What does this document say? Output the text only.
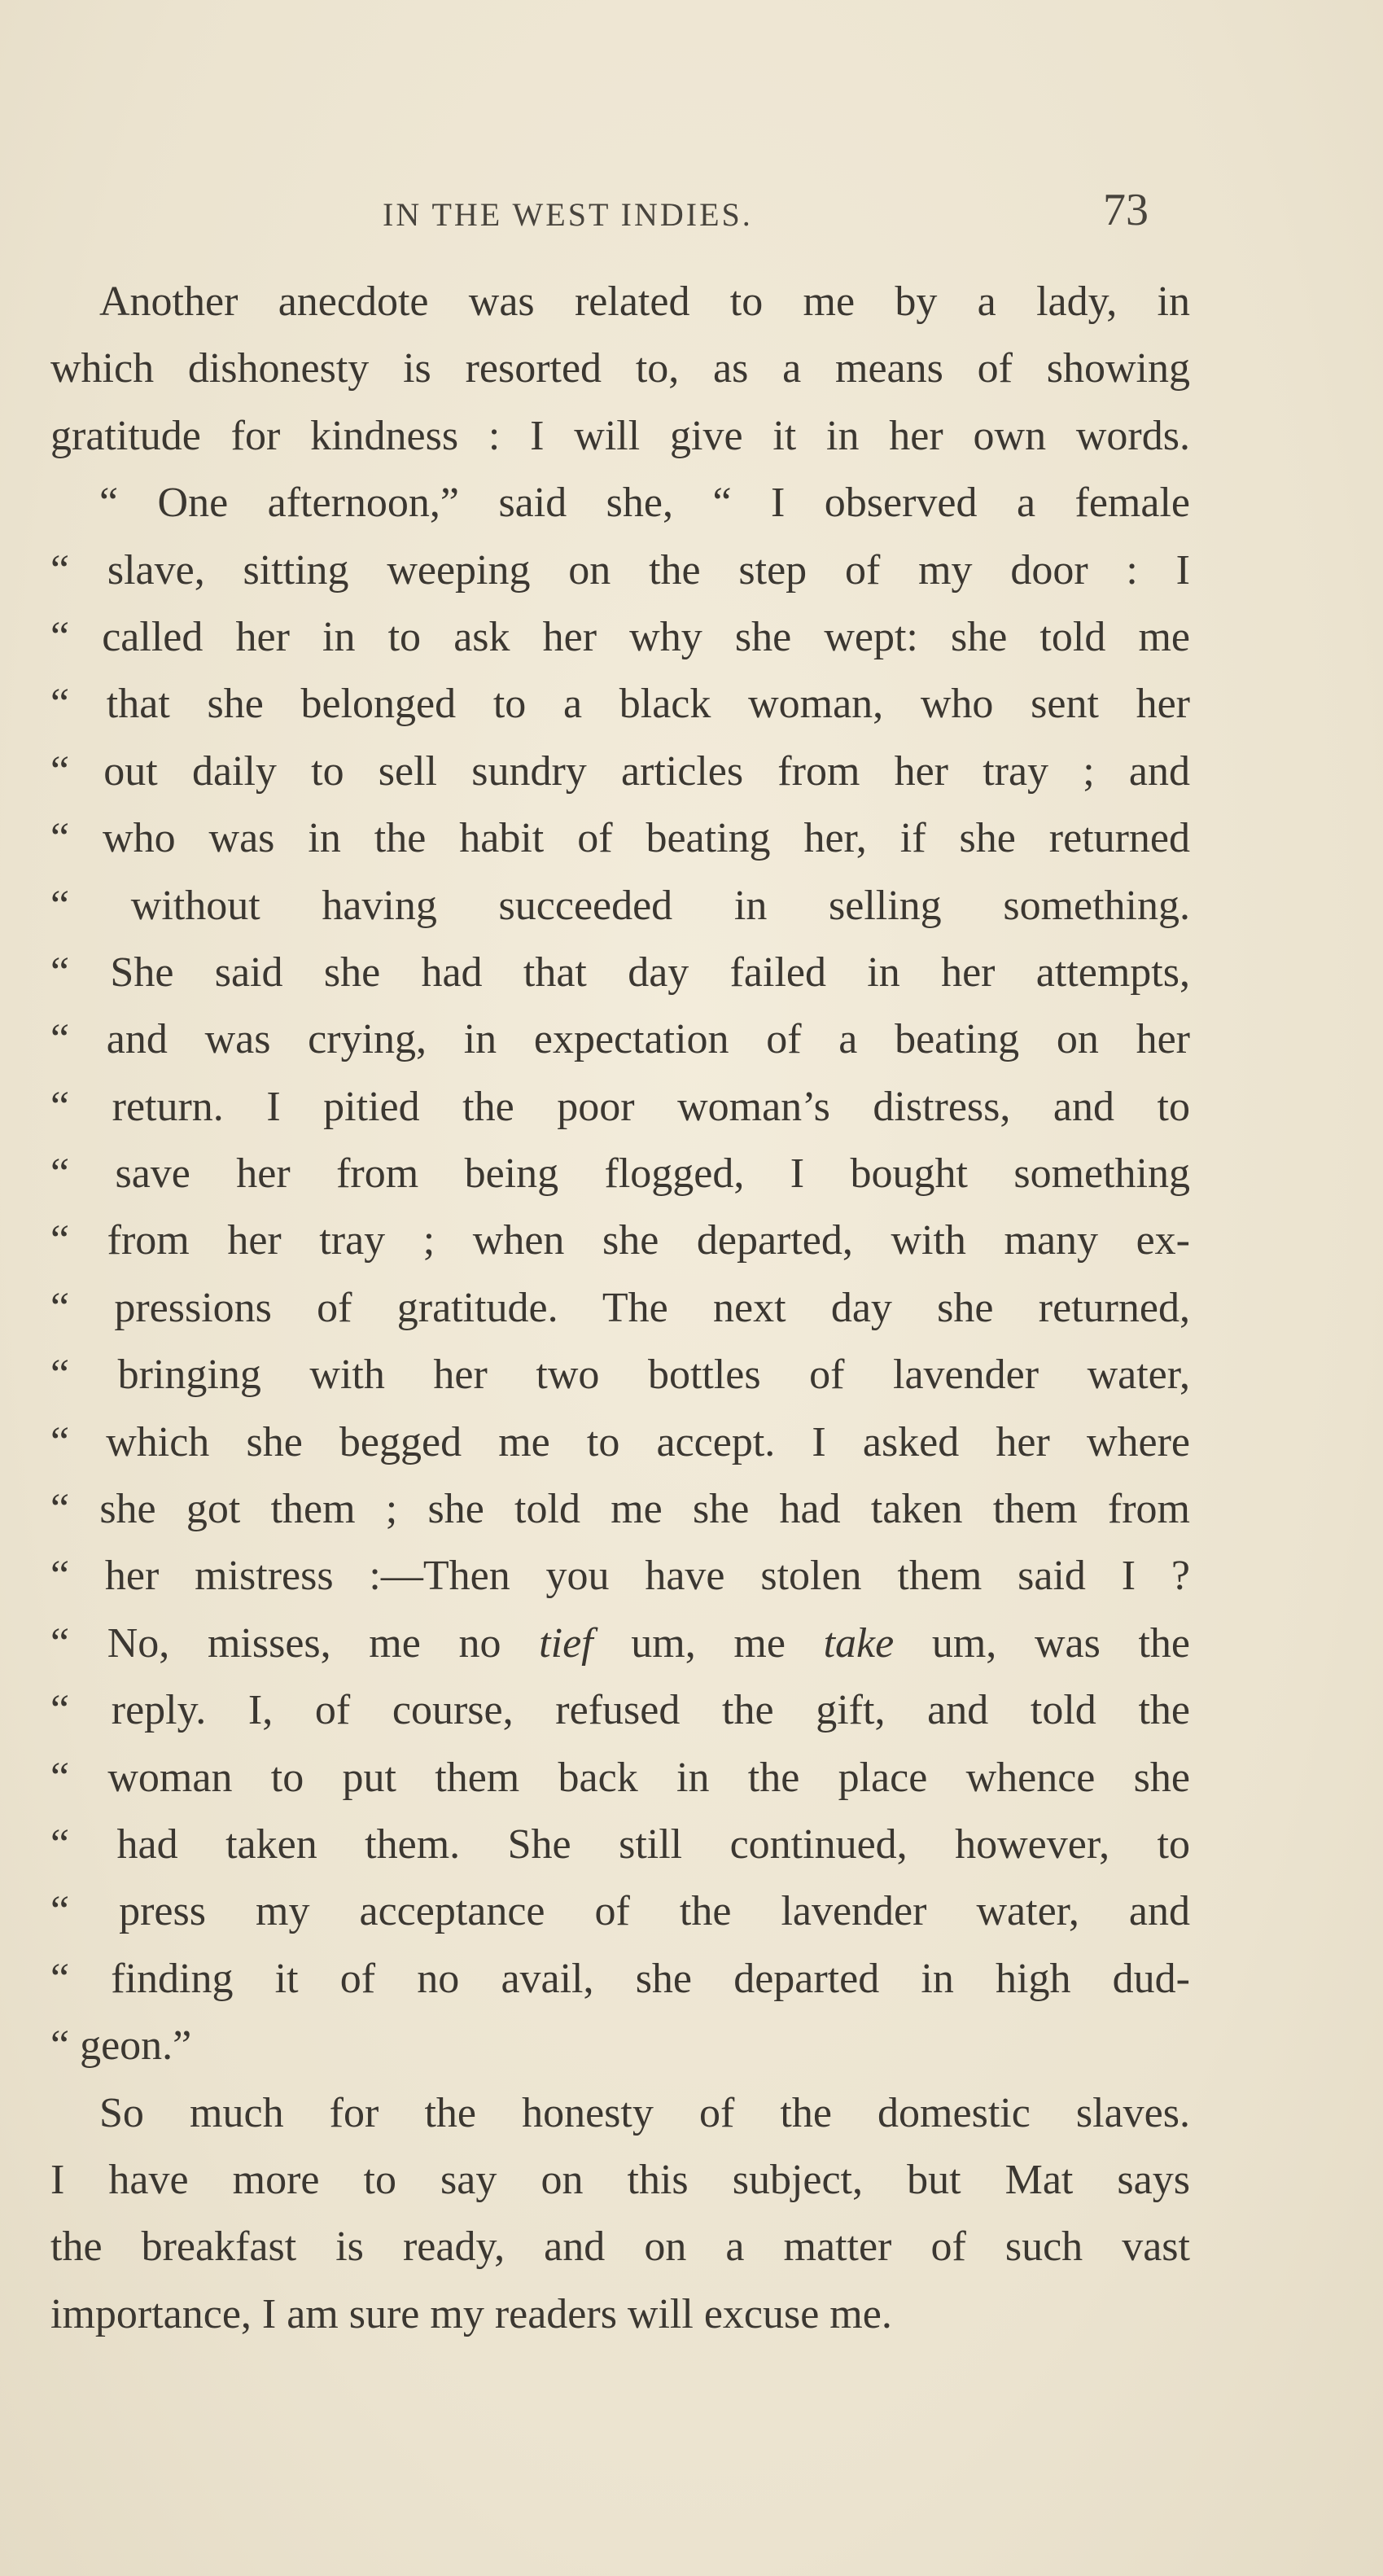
IN THE WEST INDIES.	73
Another anecdote was related to me by a lady, in
which dishonesty is resorted to, as a means of showing
gratitude for kindness : I will give it in her own words.
“ One afternoon,” said she, “ I observed a female
“ slave, sitting weeping on the step of my door : I
“ called her in to ask her why she wept: she told me
“ that she belonged to a black woman, who sent her
“ out daily to sell sundry articles from her tray ; and
“ who was in the habit of beating her, if she returned
“ without having succeeded in selling something.
“ She said she had that day failed in her attempts,
“ and was crying, in expectation of a beating on her
“ return. I pitied the poor woman’s distress, and to
“ save her from being flogged, I bought something
“ from her tray ; when she departed, with many ex-
“ pressions of gratitude. The next day she returned,
“ bringing with her two bottles of lavender water,
“ which she begged me to accept. I asked her where
“ she got them ; she told me she had taken them from
“ her mistress :—Then you have stolen them said I ?
“ No, misses, me no tief um, me take um, was the
“ reply. I, of course, refused the gift, and told the
“ woman to put them back in the place whence she
“ had taken them. She still continued, however, to
“ press my acceptance of the lavender water, and
“ finding it of no avail, she departed in high dud-
“ geon.”
So much for the honesty of the domestic slaves.
I have more to say on this subject, but Mat says
the breakfast is ready, and on a matter of such vast
importance, I am sure my readers will excuse me.
